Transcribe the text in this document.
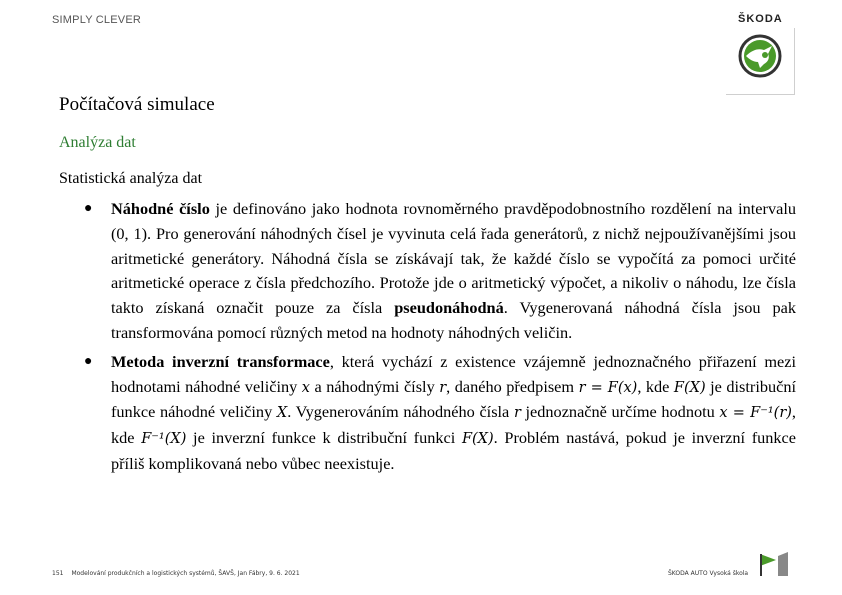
SIMPLY CLEVER	ŠKODA
Počítačová simulace
Analýza dat
Statistická analýza dat

● Náhodné číslo je definováno jako hodnota rovnoměrného pravděpodobnostního rozdělení na intervalu (0, 1). Pro generování náhodných čísel je vyvinuta celá řada generátorů, z nichž nejpoužívanějšími jsou aritmetické generátory. Náhodná čísla se získávají tak, že každé číslo se vypočítá za pomoci určité aritmetické operace z čísla předchozího. Protože jde o aritmetický výpočet, a nikoliv o náhodu, lze čísla takto získaná označit pouze za čísla pseudonáhodná. Vygenerovaná náhodná čísla jsou pak transformována pomocí různých metod na hodnoty náhodných veličin.

● Metoda inverzní transformace, která vychází z existence vzájemně jednoznačného přiřazení mezi hodnotami náhodné veličiny x a náhodnými čísly r, daného předpisem r = F(x), kde F(X) je distribuční funkce náhodné veličiny X. Vygenerováním náhodného čísla r jednoznačně určíme hodnotu x = F⁻¹(r), kde F⁻¹(X) je inverzní funkce k distribuční funkci F(X). Problém nastává, pokud je inverzní funkce příliš komplikovaná nebo vůbec neexistuje.

151 Modelování produkčních a logistických systémů, ŠAVŠ, Jan Fábry, 9. 6. 2021	ŠKODA AUTO Vysoká škola
